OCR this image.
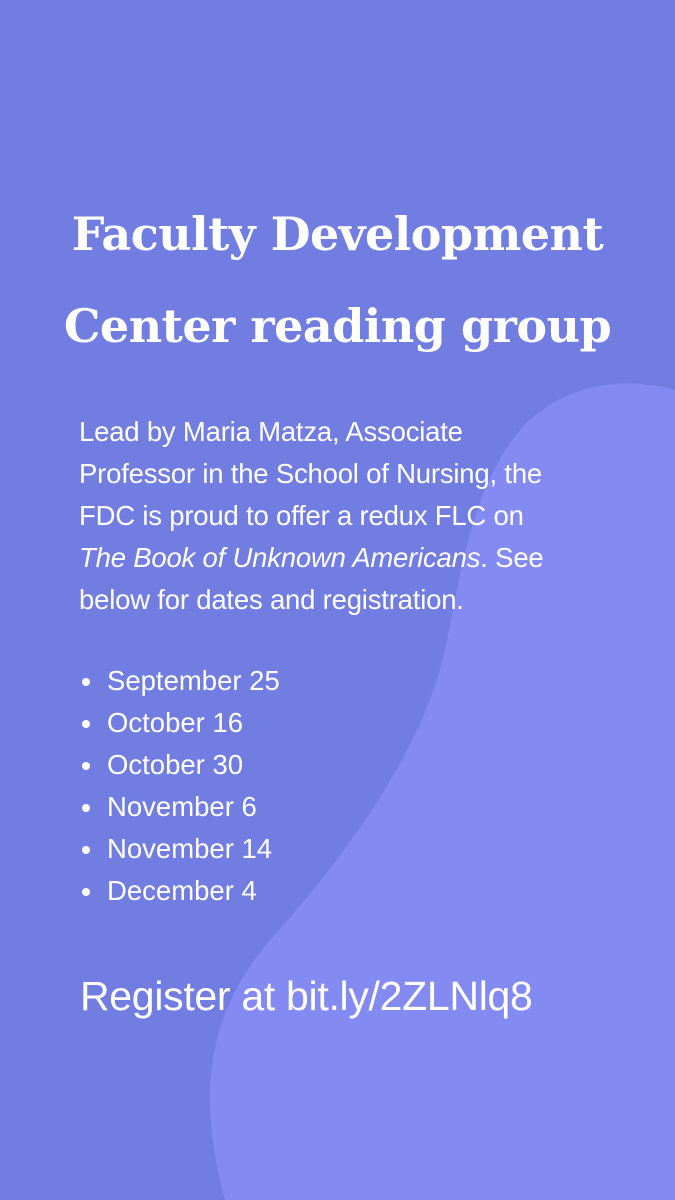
Faculty Development
Center reading group

Lead by Maria Matza, Associate
Professor in the School of Nursing, the
FDC is proud to offer a redux FLC on
The Book of Unknown Americans. See
below for dates and registration.

September 25
October 16
October 30
November 6
November 14
December 4

Register at bit.ly/2ZLNlq8
